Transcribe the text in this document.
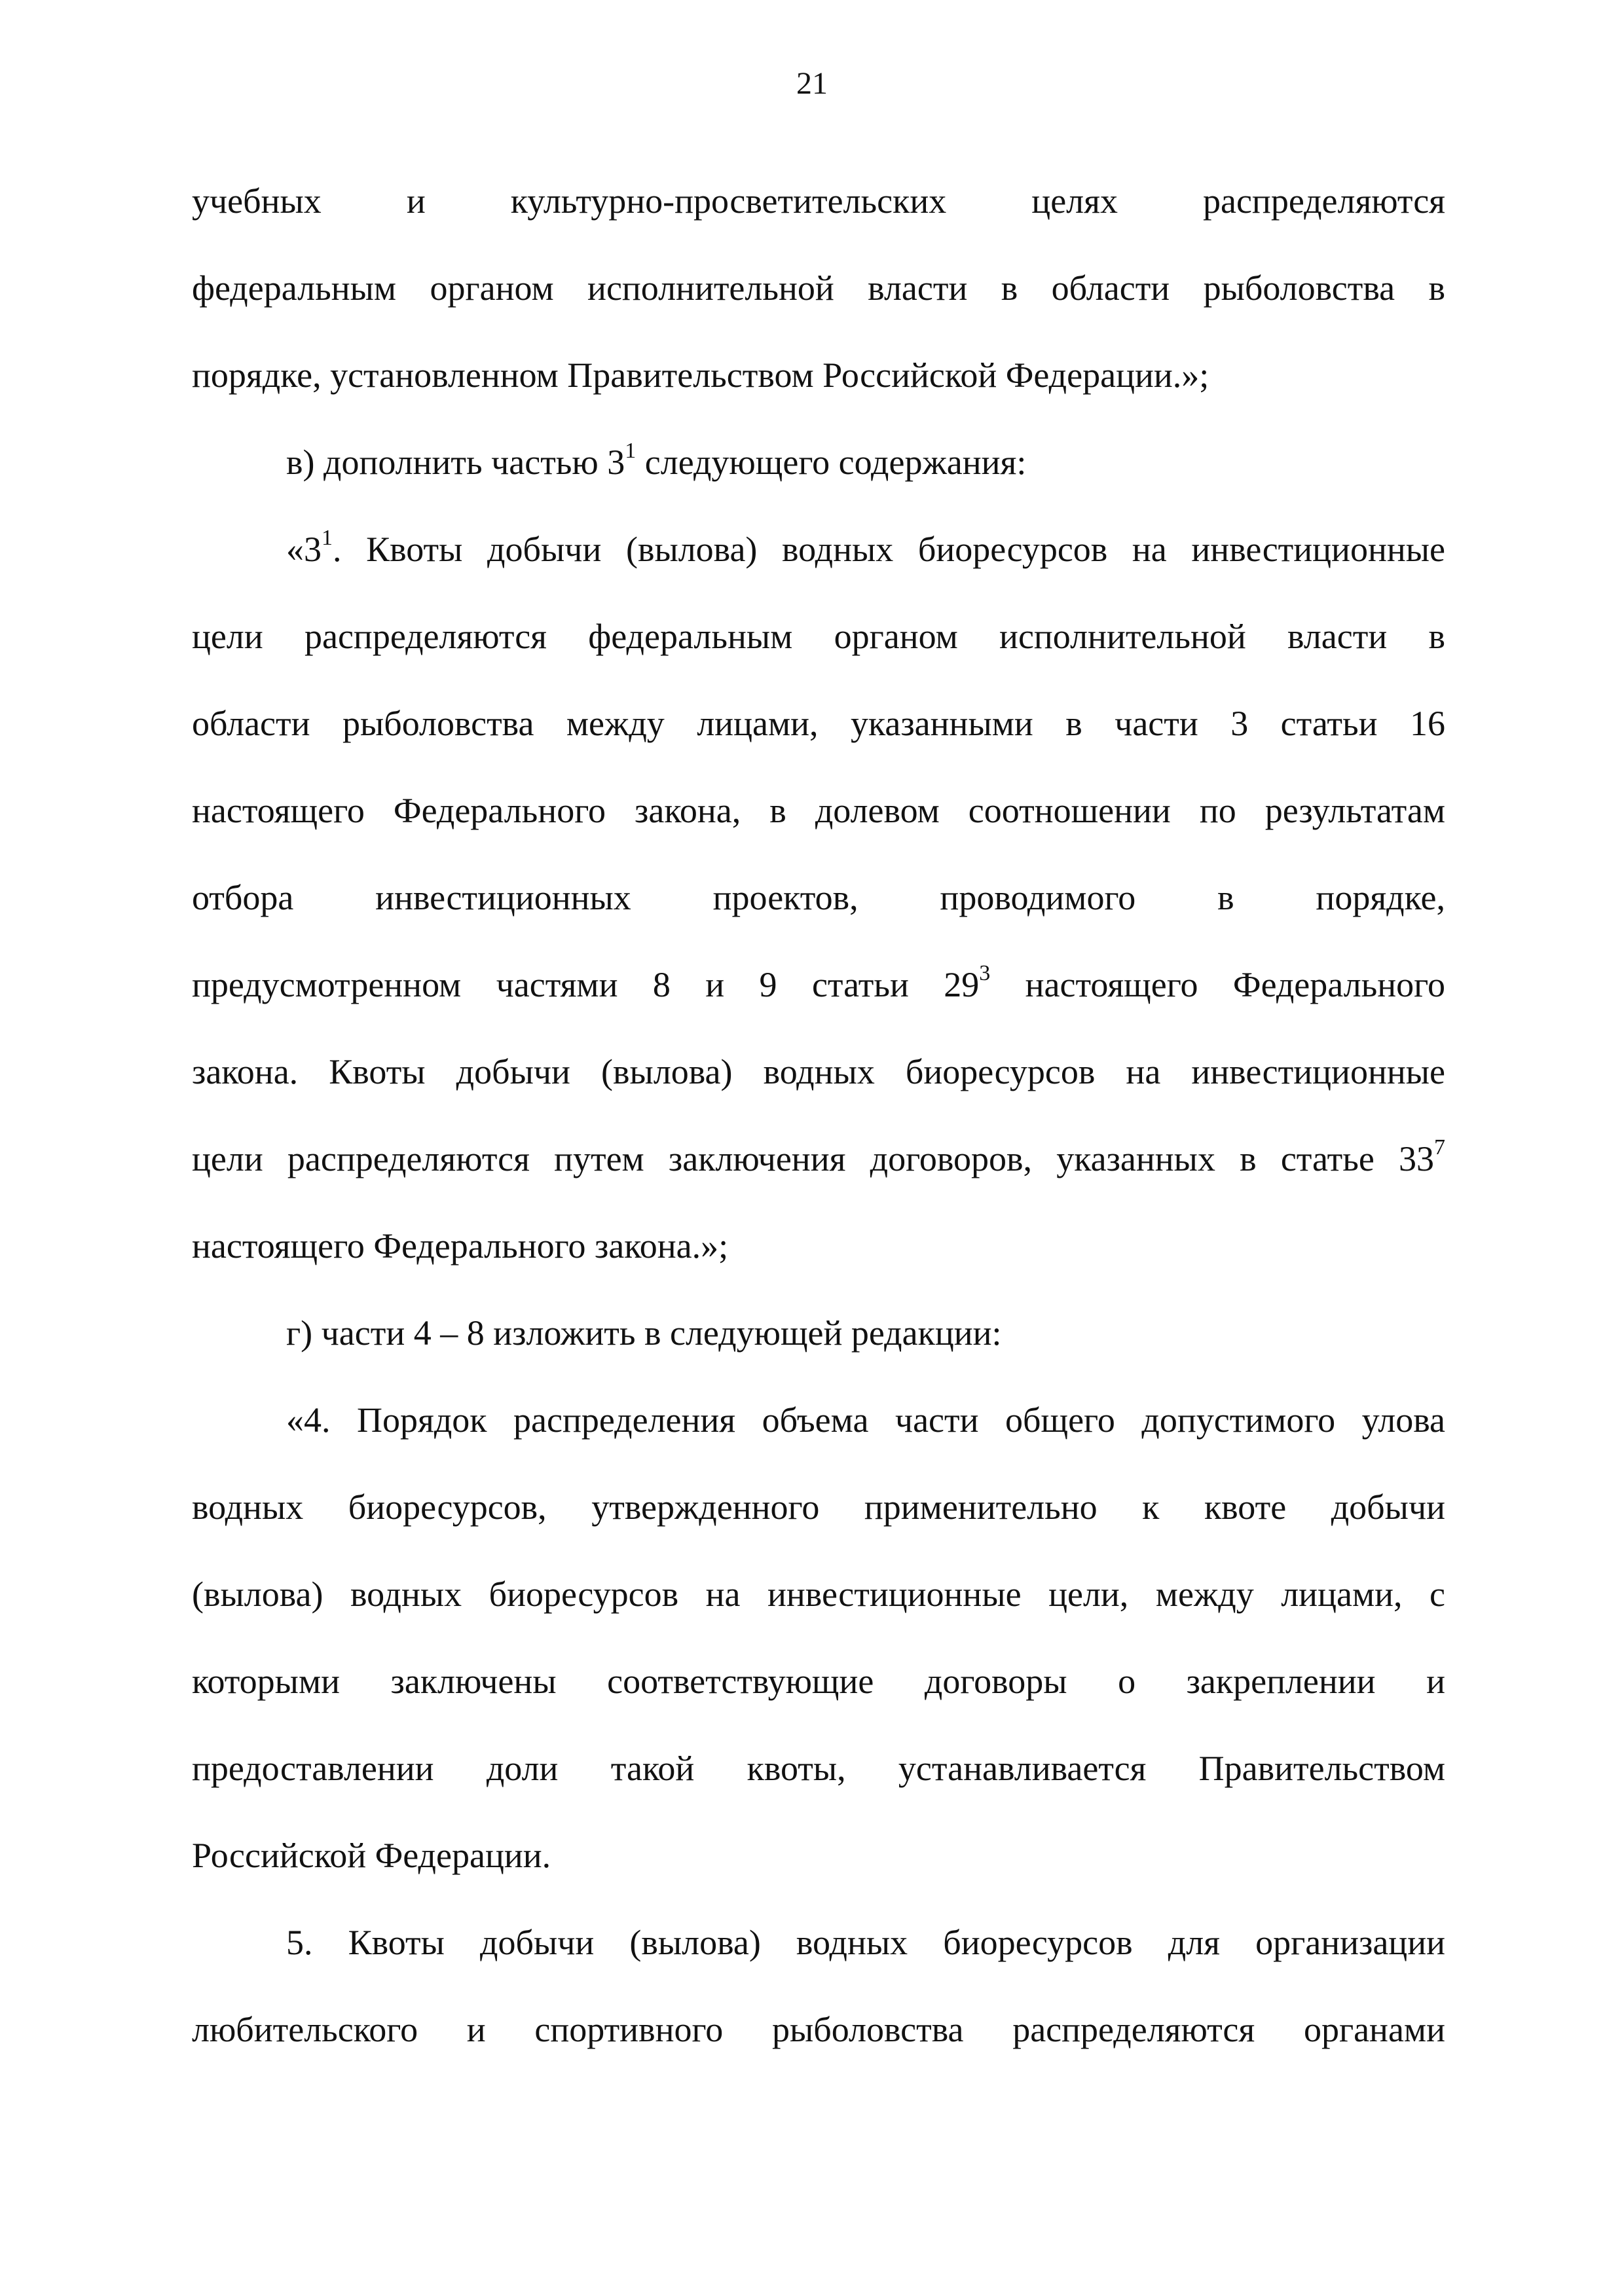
21
учебных и культурно-просветительских целях распределяются
федеральным органом исполнительной власти в области рыболовства в
порядке, установленном Правительством Российской Федерации.»;
в) дополнить частью $3^1$ следующего содержания:
«$3^1$. Квоты добычи (вылова) водных биоресурсов на инвестиционные
цели распределяются федеральным органом исполнительной власти в
области рыболовства между лицами, указанными в части 3 статьи 16
настоящего Федерального закона, в долевом соотношении по результатам
отбора инвестиционных проектов, проводимого в порядке,
предусмотренном частями 8 и 9 статьи $29^3$ настоящего Федерального
закона. Квоты добычи (вылова) водных биоресурсов на инвестиционные
цели распределяются путем заключения договоров, указанных в статье $33^7$
настоящего Федерального закона.»;
г) части 4 – 8 изложить в следующей редакции:
«4. Порядок распределения объема части общего допустимого улова
водных биоресурсов, утвержденного применительно к квоте добычи
(вылова) водных биоресурсов на инвестиционные цели, между лицами, с
которыми заключены соответствующие договоры о закреплении и
предоставлении доли такой квоты, устанавливается Правительством
Российской Федерации.
5. Квоты добычи (вылова) водных биоресурсов для организации
любительского и спортивного рыболовства распределяются органами
